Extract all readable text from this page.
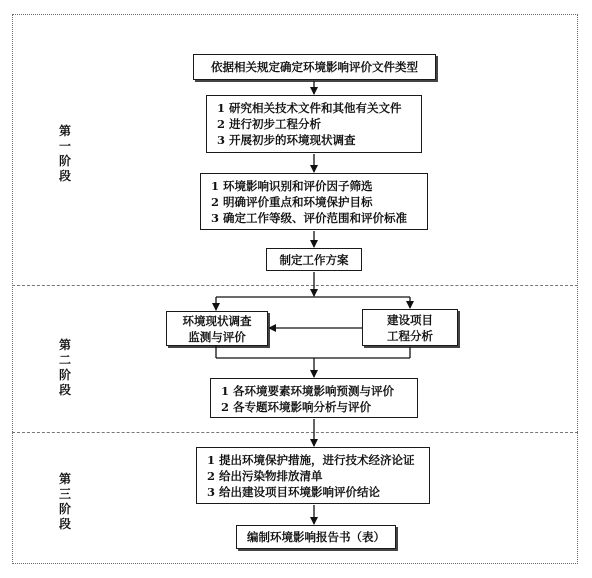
第一阶段
第二阶段
第三阶段
依据相关规定确定环境影响评价文件类型
1 研究相关技术文件和其他有关文件
2 进行初步工程分析
3 开展初步的环境现状调查
1 环境影响识别和评价因子筛选
2 明确评价重点和环境保护目标
3 确定工作等级、评价范围和评价标准
制定工作方案
环境现状调查
监测与评价
建设项目
工程分析
1 各环境要素环境影响预测与评价
2 各专题环境影响分析与评价
1 提出环境保护措施，进行技术经济论证
2 给出污染物排放清单
3 给出建设项目环境影响评价结论
编制环境影响报告书（表）
